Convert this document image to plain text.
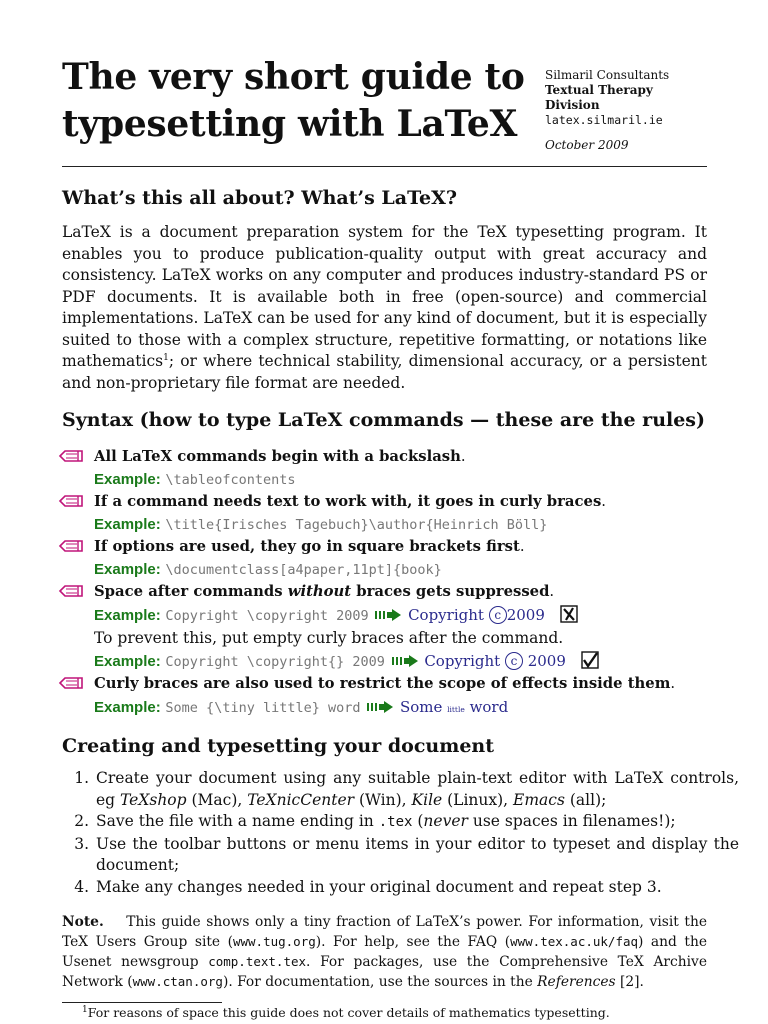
The very short guide to typesetting with LaTeX
Silmaril Consultants
Textual Therapy Division
latex.silmaril.ie
October 2009
What’s this all about? What’s LaTeX?

LaTeX is a document preparation system for the TeX typesetting program. It enables you to produce publication-quality output with great accuracy and consistency. LaTeX works on any computer and produces industry-standard PS or PDF documents. It is available both in free (open-source) and commercial implementations. LaTeX can be used for any kind of document, but it is especially suited to those with a complex structure, repetitive formatting, or notations like mathematics$^1$; or where technical stability, dimensional accuracy, or a persistent and non-proprietary file format are needed.

Syntax (how to type LaTeX commands — these are the rules)
All LaTeX commands begin with a backslash.
Example: \tableofcontents
If a command needs text to work with, it goes in curly braces.
Example: \title{Irisches Tagebuch}\author{Heinrich Böll}
If options are used, they go in square brackets first.
Example: \documentclass[a4paper,11pt]{book}
Space after commands without braces gets suppressed.
Example: Copyright \copyright 2009	Copyright c 2009
To prevent this, put empty curly braces after the command.
Example: Copyright \copyright{} 2009	Copyright c 2009
Curly braces are also used to restrict the scope of effects inside them.
Example: Some {\tiny little} word	Some little word
Creating and typesetting your document
1. Create your document using any suitable plain-text editor with LaTeX controls, eg TeXshop (Mac), TeXnicCenter (Win), Kile (Linux), Emacs (all);
2. Save the file with a name ending in .tex (never use spaces in filenames!);
3. Use the toolbar buttons or menu items in your editor to typeset and display the document;
4. Make any changes needed in your original document and repeat step 3.

Note. This guide shows only a tiny fraction of LaTeX’s power. For information, visit the TeX Users Group site (www.tug.org). For help, see the FAQ (www.tex.ac.uk/faq) and the Usenet newsgroup comp.text.tex. For packages, use the Comprehensive TeX Archive Network (www.ctan.org). For documentation, use the sources in the References [2].

$^1$For reasons of space this guide does not cover details of mathematics typesetting.
